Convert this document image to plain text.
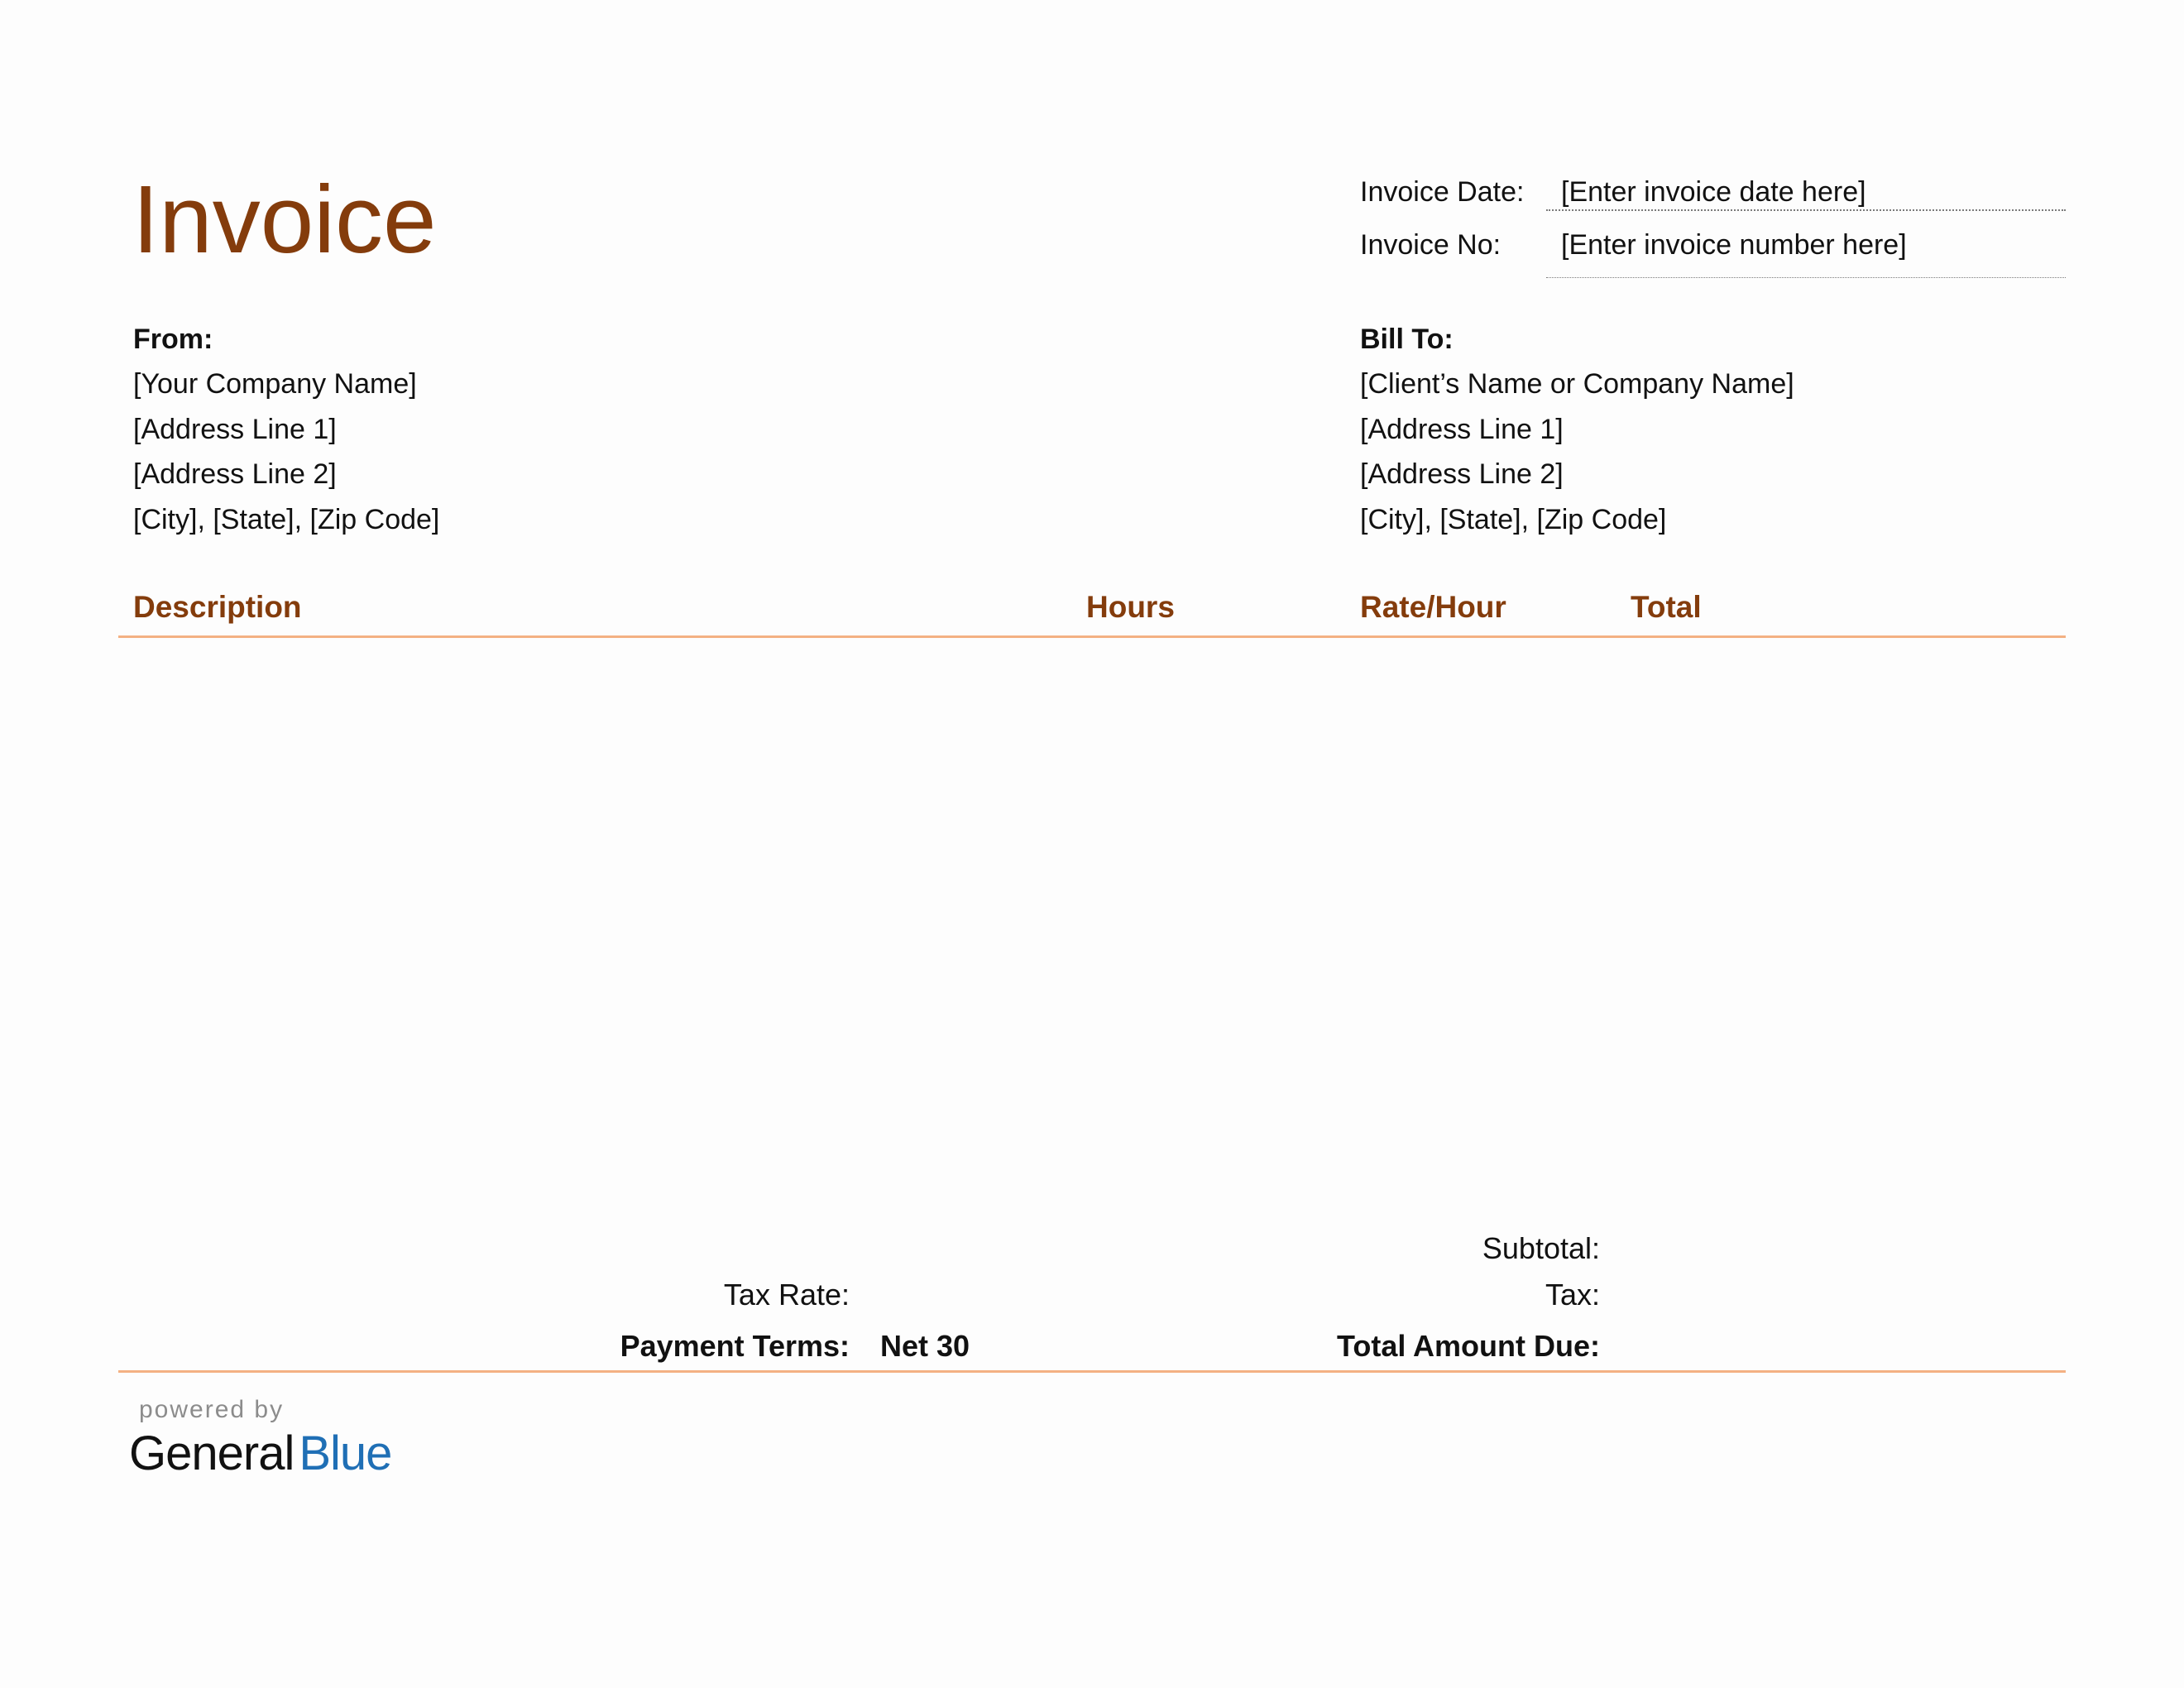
Invoice	Invoice Date: [Enter invoice date here]
Invoice No: [Enter invoice number here]
From:
[Your Company Name]
[Address Line 1]
[Address Line 2]
[City], [State], [Zip Code]
Bill To:
[Client’s Name or Company Name]
[Address Line 1]
[Address Line 2]
[City], [State], [Zip Code]
Description	Hours	Rate/Hour	Total
Subtotal:
Tax Rate:	Tax:
Payment Terms: Net 30	Total Amount Due:
powered by
General Blue
